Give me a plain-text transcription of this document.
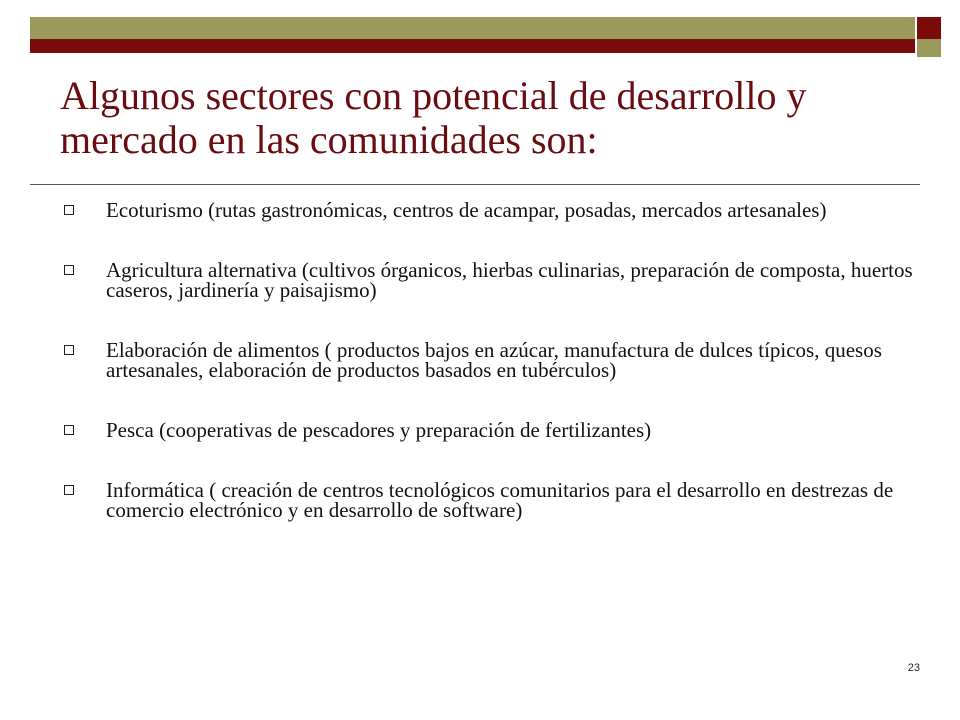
Algunos sectores con potencial de desarrollo y mercado en las comunidades son:
Ecoturismo (rutas gastronómicas, centros de acampar, posadas, mercados artesanales)
Agricultura alternativa (cultivos órganicos, hierbas culinarias, preparación de composta, huertos caseros, jardinería y paisajismo)
Elaboración de alimentos ( productos bajos en azúcar, manufactura de dulces típicos, quesos artesanales, elaboración de productos basados en tubérculos)
Pesca (cooperativas de pescadores y preparación de fertilizantes)
Informática ( creación de centros tecnológicos comunitarios para el desarrollo en destrezas de comercio electrónico y en desarrollo de software)
23
